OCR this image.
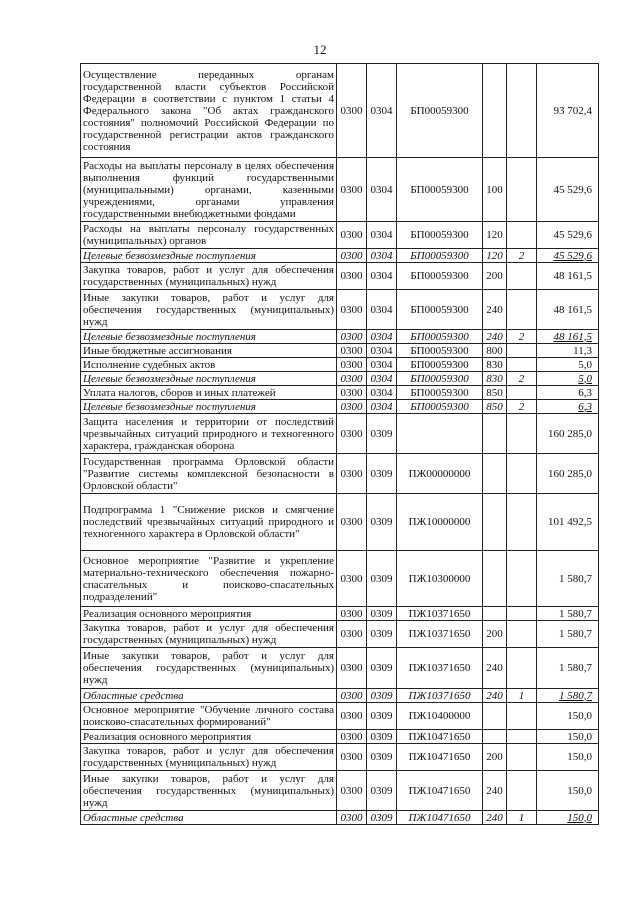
12
Осуществление переданных органам государственной власти субъектов Российской Федерации в соответствии с пунктом 1 статьи 4 Федерального закона "Об актах гражданского состояния" полномочий Российской Федерации по государственной регистрации актов гражданского состояния	0300	0304	БП00059300			93 702,4
Расходы на выплаты персоналу в целях обеспечения выполнения функций государственными (муниципальными) органами, казенными учреждениями, органами управления государственными внебюджетными фондами	0300	0304	БП00059300	100		45 529,6
Расходы на выплаты персоналу государственных (муниципальных) органов	0300	0304	БП00059300	120		45 529,6
Целевые безвозмездные поступления	0300	0304	БП00059300	120	2	45 529,6
Закупка товаров, работ и услуг для обеспечения государственных (муниципальных) нужд	0300	0304	БП00059300	200		48 161,5
Иные закупки товаров, работ и услуг для обеспечения государственных (муниципальных) нужд	0300	0304	БП00059300	240		48 161,5
Целевые безвозмездные поступления	0300	0304	БП00059300	240	2	48 161,5
Иные бюджетные ассигнования	0300	0304	БП00059300	800		11,3
Исполнение судебных актов	0300	0304	БП00059300	830		5,0
Целевые безвозмездные поступления	0300	0304	БП00059300	830	2	5,0
Уплата налогов, сборов и иных платежей	0300	0304	БП00059300	850		6,3
Целевые безвозмездные поступления	0300	0304	БП00059300	850	2	6,3
Защита населения и территории от последствий чрезвычайных ситуаций природного и техногенного характера, гражданская оборона	0300	0309				160 285,0
Государственная программа Орловской области "Развитие системы комплексной безопасности в Орловской области"	0300	0309	ПЖ00000000			160 285,0
Подпрограмма 1 "Снижение рисков и смягчение последствий чрезвычайных ситуаций природного и техногенного характера в Орловской области"	0300	0309	ПЖ10000000			101 492,5
Основное мероприятие "Развитие и укрепление материально-технического обеспечения пожарно-спасательных и поисково-спасательных подразделений"	0300	0309	ПЖ10300000			1 580,7
Реализация основного мероприятия	0300	0309	ПЖ10371650			1 580,7
Закупка товаров, работ и услуг для обеспечения государственных (муниципальных) нужд	0300	0309	ПЖ10371650	200		1 580,7
Иные закупки товаров, работ и услуг для обеспечения государственных (муниципальных) нужд	0300	0309	ПЖ10371650	240		1 580,7
Областные средства	0300	0309	ПЖ10371650	240	1	1 580,7
Основное мероприятие "Обучение личного состава поисково-спасательных формирований"	0300	0309	ПЖ10400000			150,0
Реализация основного мероприятия	0300	0309	ПЖ10471650			150,0
Закупка товаров, работ и услуг для обеспечения государственных (муниципальных) нужд	0300	0309	ПЖ10471650	200		150,0
Иные закупки товаров, работ и услуг для обеспечения государственных (муниципальных) нужд	0300	0309	ПЖ10471650	240		150,0
Областные средства	0300	0309	ПЖ10471650	240	1	150,0
